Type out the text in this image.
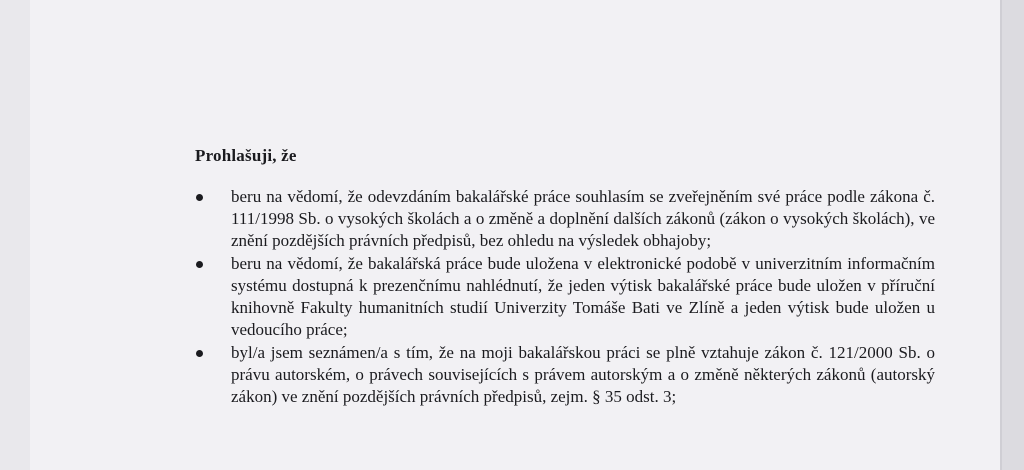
Prohlašuji, že

beru na vědomí, že odevzdáním bakalářské práce souhlasím se zveřejněním své práce podle zákona č. 111/1998 Sb. o vysokých školách a o změně a doplnění dalších zákonů (zákon o vysokých školách), ve znění pozdějších právních předpisů, bez ohledu na výsledek obhajoby;
beru na vědomí, že bakalářská práce bude uložena v elektronické podobě v univerzitním informačním systému dostupná k prezenčnímu nahlédnutí, že jeden výtisk bakalářské práce bude uložen v příruční knihovně Fakulty humanitních studií Univerzity Tomáše Bati ve Zlíně a jeden výtisk bude uložen u vedoucího práce;
byl/a jsem seznámen/a s tím, že na moji bakalářskou práci se plně vztahuje zákon č. 121/2000 Sb. o právu autorském, o právech souvisejících s právem autorským a o změně některých zákonů (autorský zákon) ve znění pozdějších právních předpisů, zejm. § 35 odst. 3;
